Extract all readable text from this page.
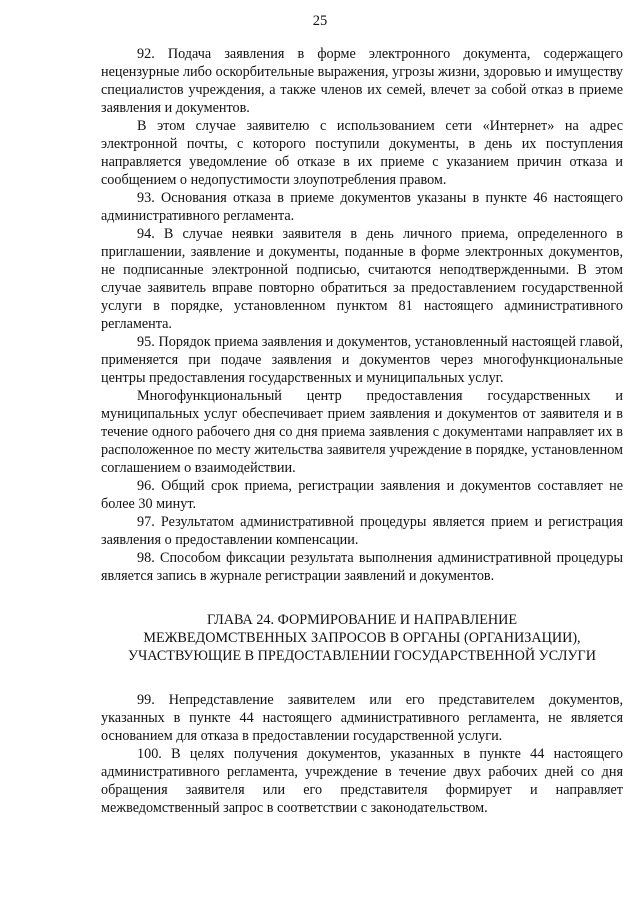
25

92. Подача заявления в форме электронного документа, содержащего нецензурные либо оскорбительные выражения, угрозы жизни, здоровью и имуществу специалистов учреждения, а также членов их семей, влечет за собой отказ в приеме заявления и документов.

В этом случае заявителю с использованием сети «Интернет» на адрес электронной почты, с которого поступили документы, в день их поступления направляется уведомление об отказе в их приеме с указанием причин отказа и сообщением о недопустимости злоупотребления правом.

93. Основания отказа в приеме документов указаны в пункте 46 настоящего административного регламента.

94. В случае неявки заявителя в день личного приема, определенного в приглашении, заявление и документы, поданные в форме электронных документов, не подписанные электронной подписью, считаются неподтвержденными. В этом случае заявитель вправе повторно обратиться за предоставлением государственной услуги в порядке, установленном пунктом 81 настоящего административного регламента.

95. Порядок приема заявления и документов, установленный настоящей главой, применяется при подаче заявления и документов через многофункциональные центры предоставления государственных и муниципальных услуг.

Многофункциональный центр предоставления государственных и муниципальных услуг обеспечивает прием заявления и документов от заявителя и в течение одного рабочего дня со дня приема заявления с документами направляет их в расположенное по месту жительства заявителя учреждение в порядке, установленном соглашением о взаимодействии.

96. Общий срок приема, регистрации заявления и документов составляет не более 30 минут.

97. Результатом административной процедуры является прием и регистрация заявления о предоставлении компенсации.

98. Способом фиксации результата выполнения административной процедуры является запись в журнале регистрации заявлений и документов.

ГЛАВА 24. ФОРМИРОВАНИЕ И НАПРАВЛЕНИЕ
МЕЖВЕДОМСТВЕННЫХ ЗАПРОСОВ В ОРГАНЫ (ОРГАНИЗАЦИИ),
УЧАСТВУЮЩИЕ В ПРЕДОСТАВЛЕНИИ ГОСУДАРСТВЕННОЙ УСЛУГИ

99. Непредставление заявителем или его представителем документов, указанных в пункте 44 настоящего административного регламента, не является основанием для отказа в предоставлении государственной услуги.

100. В целях получения документов, указанных в пункте 44 настоящего административного регламента, учреждение в течение двух рабочих дней со дня обращения заявителя или его представителя формирует и направляет межведомственный запрос в соответствии с законодательством.
